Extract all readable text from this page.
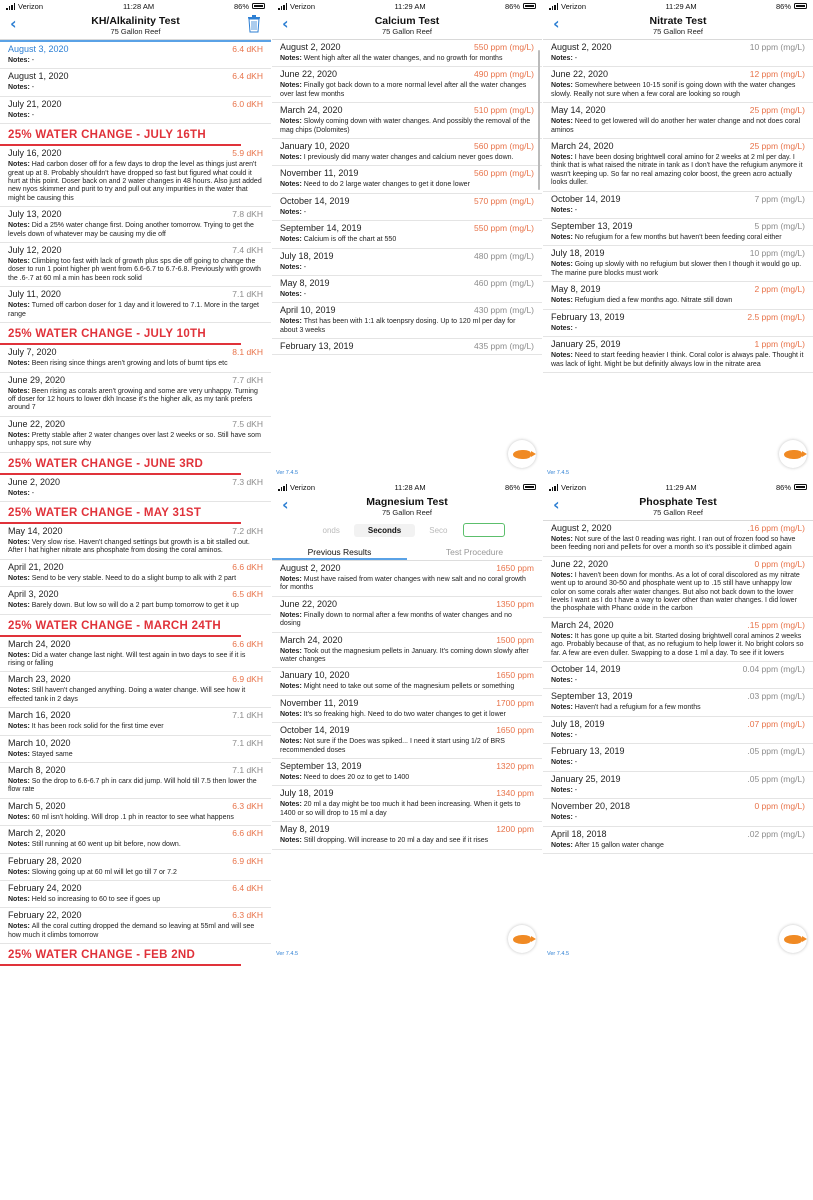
Verizon	11:28 AM	86%
‹	KH/Alkalinity Test
75 Gallon Reef
August 3, 2020	6.4 dKH
Notes: -
August 1, 2020	6.4 dKH
Notes: -
July 21, 2020	6.0 dKH
Notes: -
25% WATER CHANGE - JULY 16TH
July 16, 2020	5.9 dKH
Notes: Had carbon doser off for a few days to drop the level as things just aren't great up at 8. Probably shouldn't have dropped so fast but figured what could it hurt at this point. Doser back on and 2 water changes in 48 hours. Also just added new nyos skimmer and purit to try and pull out any impurities in the water that might be causing this
July 13, 2020	7.8 dKH
Notes: Did a 25% water change first. Doing another tomorrow. Trying to get the levels down of whatever may be causing my die off
July 12, 2020	7.4 dKH
Notes: Climbing too fast with lack of growth plus sps die off going to change the doser to run 1 point higher ph went from 6.6-6.7 to 6.7-6.8. Previously with growth the .6-.7 at 60 ml a min has been rock solid
July 11, 2020	7.1 dKH
Notes: Turned off carbon doser for 1 day and it lowered to 7.1. More in the target range
25% WATER CHANGE - JULY 10TH
July 7, 2020	8.1 dKH
Notes: Been rising since things aren't growing and lots of burnt tips etc
June 29, 2020	7.7 dKH
Notes: Been rising as corals aren't growing and some are very unhappy. Turning off doser for 12 hours to lower dkh Incase it's the higher alk, as my tank prefers around 7
June 22, 2020	7.5 dKH
Notes: Pretty stable after 2 water changes over last 2 weeks or so. Still have som unhappy sps, not sure why
25% WATER CHANGE - JUNE 3RD
June 2, 2020	7.3 dKH
Notes: -
25% WATER CHANGE - MAY 31ST
May 14, 2020	7.2 dKH
Notes: Very slow rise. Haven't changed settings but growth is a bit stalled out. After I hat higher nitrate ans phosphate from dosing the coral aminos.
April 21, 2020	6.6 dKH
Notes: Send to be very stable. Need to do a slight bump to alk with 2 part
April 3, 2020	6.5 dKH
Notes: Barely down. But low so will do a 2 part bump tomorrow to get it up
25% WATER CHANGE - MARCH 24TH
March 24, 2020	6.6 dKH
Notes: Did a water change last night. Will test again in two days to see if it is rising or falling
March 23, 2020	6.9 dKH
Notes: Still haven't changed anything. Doing a water change. Will see how it effected tank in 2 days
March 16, 2020	7.1 dKH
Notes: It has been rock solid for the first time ever
March 10, 2020	7.1 dKH
Notes: Stayed same
March 8, 2020	7.1 dKH
Notes: So the drop to 6.6-6.7 ph in carx did jump. Will hold till 7.5 then lower the flow rate
March 5, 2020	6.3 dKH
Notes: 60 ml isn't holding. Will drop .1 ph in reactor to see what happens
March 2, 2020	6.6 dKH
Notes: Still running at 60 went up bit before, now down.
February 28, 2020	6.9 dKH
Notes: Slowing going up at 60 ml will let go till 7 or 7.2
February 24, 2020	6.4 dKH
Notes: Held so increasing to 60 to see if goes up
February 22, 2020	6.3 dKH
Notes: All the coral cutting dropped the demand so leaving at 55ml and will see how much it climbs tomorrow
25% WATER CHANGE - FEB 2ND
Verizon	11:29 AM	86%
‹	Calcium Test
75 Gallon Reef
August 2, 2020	550 ppm (mg/L)
Notes: Went high after all the water changes, and no growth for months
June 22, 2020	490 ppm (mg/L)
Notes: Finally got back down to a more normal level after all the water changes over last few months
March 24, 2020	510 ppm (mg/L)
Notes: Slowly coming down with water changes. And possibly the removal of the mag chips (Dolomites)
January 10, 2020	560 ppm (mg/L)
Notes: I previously did many water changes and calcium never goes down.
November 11, 2019	560 ppm (mg/L)
Notes: Need to do 2 large water changes to get it done lower
October 14, 2019	570 ppm (mg/L)
Notes: -
September 14, 2019	550 ppm (mg/L)
Notes: Calcium is off the chart at 550
July 18, 2019	480 ppm (mg/L)
Notes: -
May 8, 2019	460 ppm (mg/L)
Notes: -
April 10, 2019	430 ppm (mg/L)
Notes: Thst has been with 1:1 alk toenpsry dosing. Up to 120 ml per day for about 3 weeks
February 13, 2019	435 ppm (mg/L)
Ver 7.4.5
Verizon	11:29 AM	86%
‹	Nitrate Test
75 Gallon Reef
August 2, 2020	10 ppm (mg/L)
Notes: -
June 22, 2020	12 ppm (mg/L)
Notes: Somewhere between 10-15 sonif is going down with the water changes slowly. Really not sure when a few coral are looking so rough
May 14, 2020	25 ppm (mg/L)
Notes: Need to get lowered will do another her water change and not does coral aminos
March 24, 2020	25 ppm (mg/L)
Notes: I have been dosing brightwell coral amino for 2 weeks at 2 ml per day. I think that is what raised the nitrate in tank as I don't have the refugium anymore it wasn't keeping up. So far no real amazing color boost, the green acro actually looks duller.
October 14, 2019	7 ppm (mg/L)
Notes: -
September 13, 2019	5 ppm (mg/L)
Notes: No refugium for a few months but haven't been feeding coral either
July 18, 2019	10 ppm (mg/L)
Notes: Going up slowly with no refugium but slower then I though it would go up. The marine pure blocks must work
May 8, 2019	2 ppm (mg/L)
Notes: Refugium died a few months ago. Nitrate still down
February 13, 2019	2.5 ppm (mg/L)
Notes: -
January 25, 2019	1 ppm (mg/L)
Notes: Need to start feeding heavier I think. Coral color is always pale. Thought it was lack of light. Might be but definitly always low in the nitrate area
Ver 7.4.5
Verizon	11:28 AM	86%
‹	Magnesium Test
75 Gallon Reef
onds	Seconds	Seco
Previous Results	Test Procedure
August 2, 2020	1650 ppm
Notes: Must have raised from water changes with new salt and no coral growth for months
June 22, 2020	1350 ppm
Notes: Finally down to normal after a few months of water changes and no dosing
March 24, 2020	1500 ppm
Notes: Took out the magnesium pellets in January. It's coming down slowly after water changes
January 10, 2020	1650 ppm
Notes: Might need to take out some of the magnesium pellets or something
November 11, 2019	1700 ppm
Notes: It's so freaking high. Need to do two water changes to get it lower
October 14, 2019	1650 ppm
Notes: Not sure if the Does was spiked... I need it start using 1/2 of BRS recommended doses
September 13, 2019	1320 ppm
Notes: Need to does 20 oz to get to 1400
July 18, 2019	1340 ppm
Notes: 20 ml a day might be too much it had been increasing. When it gets to 1400 or so will drop to 15 ml a day
May 8, 2019	1200 ppm
Notes: Still dropping. Will increase to 20 ml a day and see if it rises
Ver 7.4.5
Verizon	11:29 AM	86%
‹	Phosphate Test
75 Gallon Reef
August 2, 2020	.16 ppm (mg/L)
Notes: Not sure of the last 0 reading was right. I ran out of frozen food so have been feeding nori and pellets for over a month so it's possible it climbed again
June 22, 2020	0 ppm (mg/L)
Notes: I haven't been down for months. As a lot of coral discolored as my nitrate went up to around 30-50 and phosphate went up to .15 still have unhappy low color on some corals after water changes. But also not back down to the lower levels I want as I do t have a way to lower other than water changes. I did lower the phosphate with Phanc oxide in the carbon
March 24, 2020	.15 ppm (mg/L)
Notes: It has gone up quite a bit. Started dosing brightwell coral aminos 2 weeks ago. Probably because of that, as no refugium to help lower it. No bright colors so far. A few are even duller. Swapping to a dose 1 ml a day. To see if it lowers
October 14, 2019	0.04 ppm (mg/L)
Notes: -
September 13, 2019	.03 ppm (mg/L)
Notes: Haven't had a refugium for a few months
July 18, 2019	.07 ppm (mg/L)
Notes: -
February 13, 2019	.05 ppm (mg/L)
Notes: -
January 25, 2019	.05 ppm (mg/L)
Notes: -
November 20, 2018	0 ppm (mg/L)
Notes: -
April 18, 2018	.02 ppm (mg/L)
Notes: After 15 gallon water change
Ver 7.4.5
